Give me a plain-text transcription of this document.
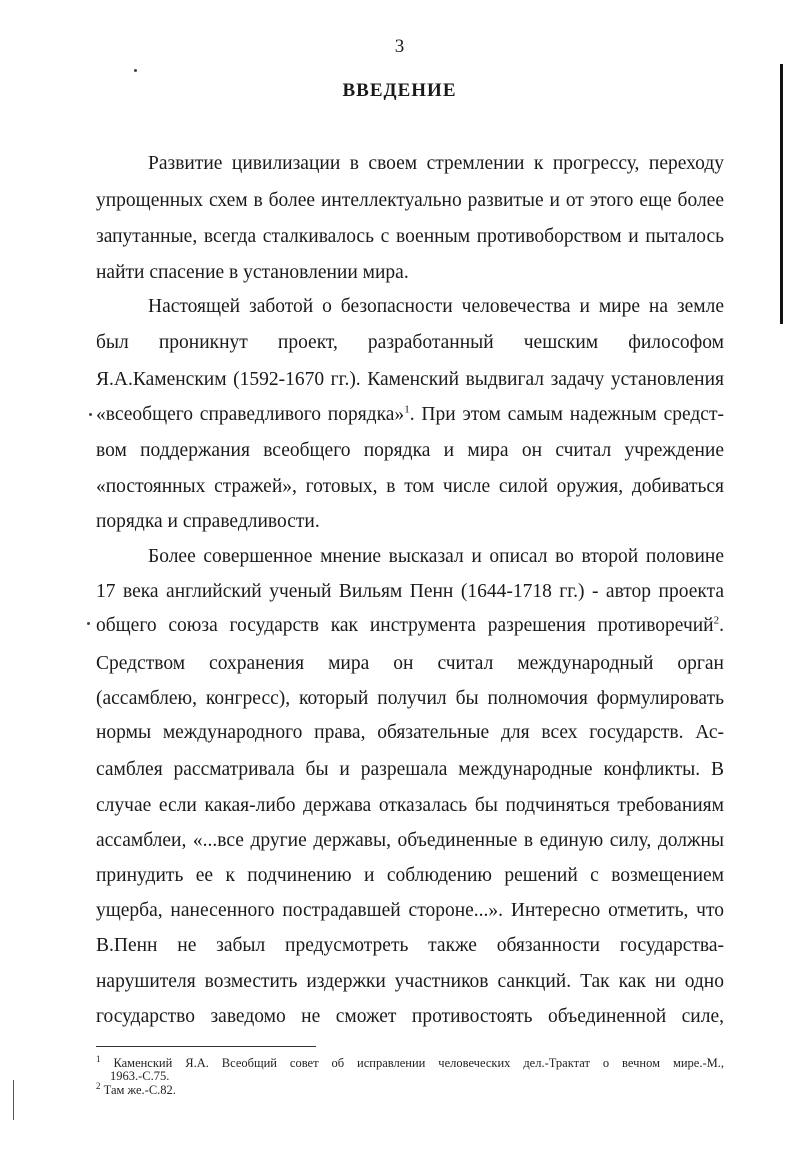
3
ВВЕДЕНИЕ
Развитие цивилизации в своем стремлении к прогрессу, переходу
упрощенных схем в более интеллектуально развитые и от этого еще более
запутанные, всегда сталкивалось с военным противоборством и пыталось
найти спасение в установлении мира.
Настоящей заботой о безопасности человечества и мире на земле
был проникнут проект, разработанный чешским философом
Я.А.Каменским (1592-1670 гг.). Каменский выдвигал задачу установления
«всеобщего справедливого порядка»$^1$. При этом самым надежным средст-
вом поддержания всеобщего порядка и мира он считал учреждение
«постоянных стражей», готовых, в том числе силой оружия, добиваться
порядка и справедливости.
Более совершенное мнение высказал и описал во второй половине
17 века английский ученый Вильям Пенн (1644-1718 гг.) - автор проекта
общего союза государств как инструмента разрешения противоречий$^2$.
Средством сохранения мира он считал международный орган
(ассамблею, конгресс), который получил бы полномочия формулировать
нормы международного права, обязательные для всех государств. Ас-
самблея рассматривала бы и разрешала международные конфликты. В
случае если какая-либо держава отказалась бы подчиняться требованиям
ассамблеи, «...все другие державы, объединенные в единую силу, должны
принудить ее к подчинению и соблюдению решений с возмещением
ущерба, нанесенного пострадавшей стороне...». Интересно отметить, что
В.Пенн не забыл предусмотреть также обязанности государства-
нарушителя возместить издержки участников санкций. Так как ни одно
государство заведомо не сможет противостоять объединенной силе,
$^1$ Каменский Я.А. Всеобщий совет об исправлении человеческих дел.-Трактат о вечном мире.-М.,
1963.-С.75.
$^2$ Там же.-С.82.
